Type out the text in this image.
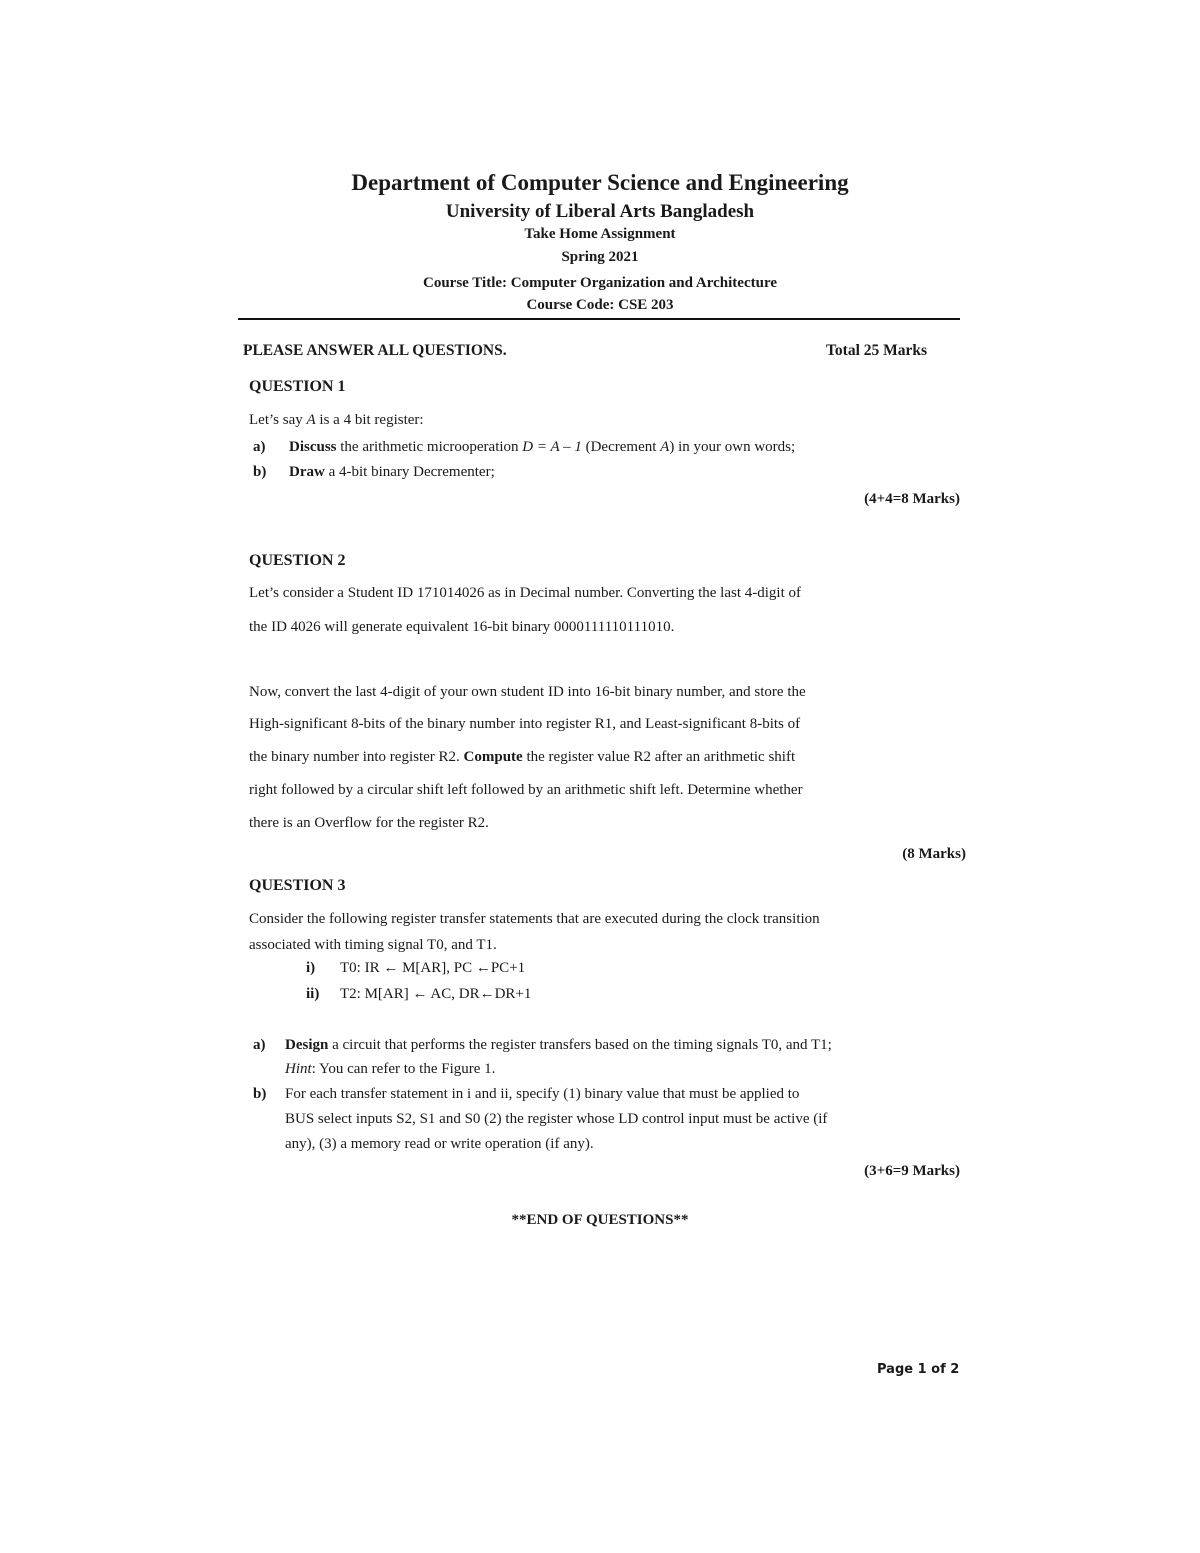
Department of Computer Science and Engineering
University of Liberal Arts Bangladesh
Take Home Assignment
Spring 2021
Course Title: Computer Organization and Architecture
Course Code: CSE 203
PLEASE ANSWER ALL QUESTIONS.	Total 25 Marks
QUESTION 1
Let’s say A is a 4 bit register:
a) Discuss the arithmetic microoperation D = A – 1 (Decrement A) in your own words;
b) Draw a 4-bit binary Decrementer;
(4+4=8 Marks)
QUESTION 2
Let’s consider a Student ID 171014026 as in Decimal number. Converting the last 4-digit of
the ID 4026 will generate equivalent 16-bit binary 0000111110111010.
Now, convert the last 4-digit of your own student ID into 16-bit binary number, and store the
High-significant 8-bits of the binary number into register R1, and Least-significant 8-bits of
the binary number into register R2. Compute the register value R2 after an arithmetic shift
right followed by a circular shift left followed by an arithmetic shift left. Determine whether
there is an Overflow for the register R2.
(8 Marks)
QUESTION 3
Consider the following register transfer statements that are executed during the clock transition
associated with timing signal T0, and T1.
i) T0: IR ← M[AR], PC ←PC+1
ii) T2: M[AR] ← AC, DR←DR+1
a) Design a circuit that performs the register transfers based on the timing signals T0, and T1;
Hint: You can refer to the Figure 1.
b) For each transfer statement in i and ii, specify (1) binary value that must be applied to
BUS select inputs S2, S1 and S0 (2) the register whose LD control input must be active (if
any), (3) a memory read or write operation (if any).
(3+6=9 Marks)
**END OF QUESTIONS**
Page 1 of 2
